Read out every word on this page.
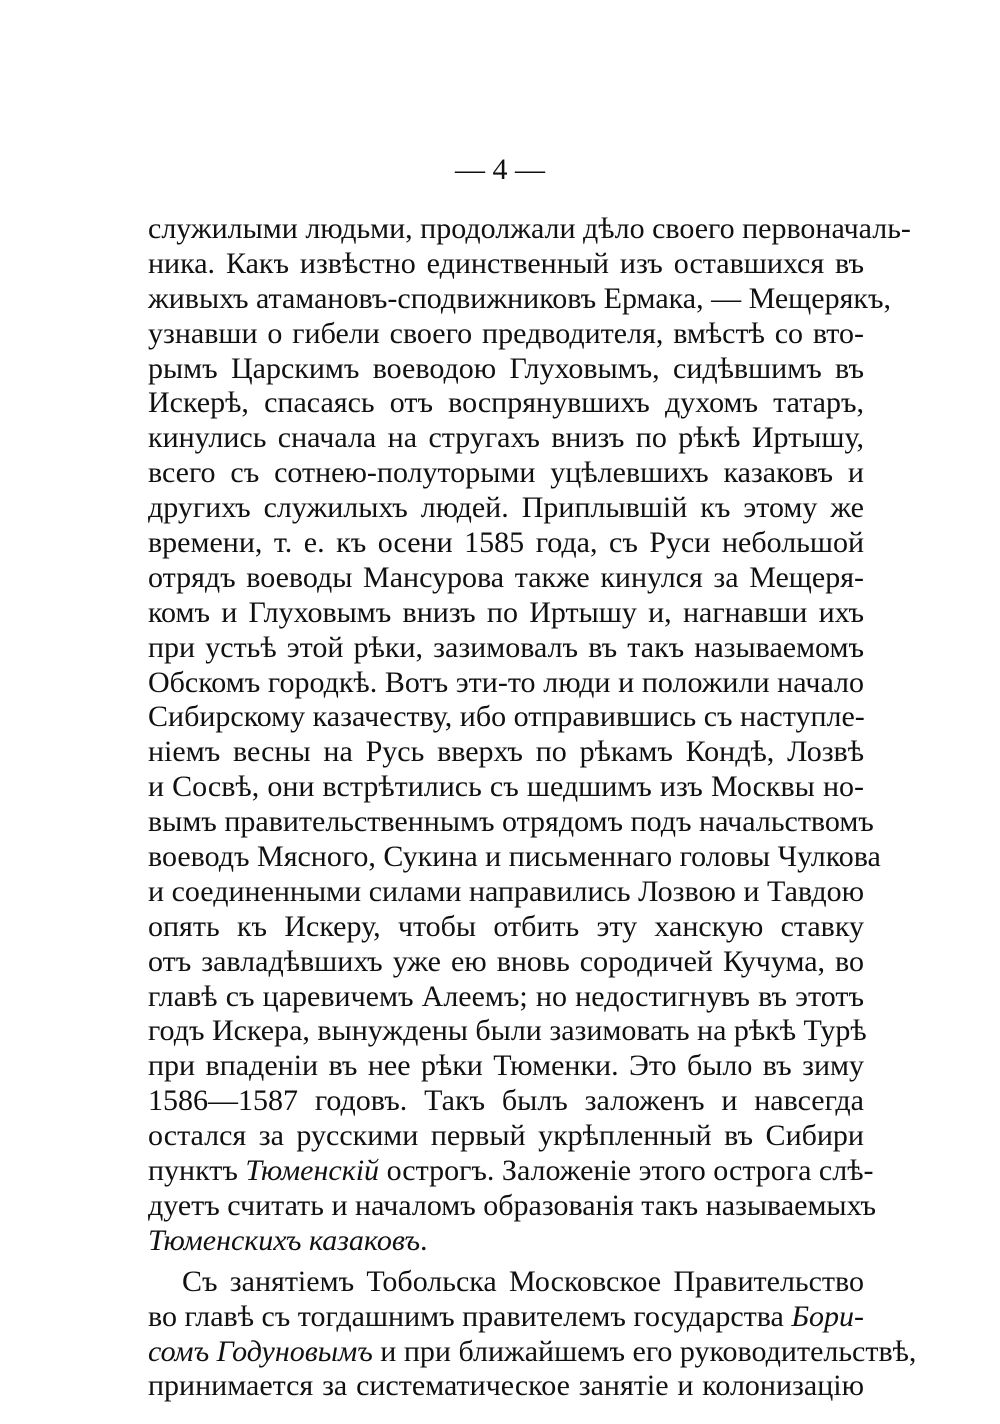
— 4 —
служилыми людьми, продолжали дѣло своего первоначаль-
ника. Какъ извѣстно единственный изъ оставшихся въ
живыхъ атамановъ-сподвижниковъ Ермака, — Мещерякъ,
узнавши о гибели своего предводителя, вмѣстѣ со вто-
рымъ Царскимъ воеводою Глуховымъ, сидѣвшимъ въ
Искерѣ, спасаясь отъ воспрянувшихъ духомъ татаръ,
кинулись сначала на стругахъ внизъ по рѣкѣ Иртышу,
всего съ сотнею-полуторыми уцѣлевшихъ казаковъ и
другихъ служилыхъ людей. Приплывшій къ этому же
времени, т. е. къ осени 1585 года, съ Руси небольшой
отрядъ воеводы Мансурова также кинулся за Мещеря-
комъ и Глуховымъ внизъ по Иртышу и, нагнавши ихъ
при устьѣ этой рѣки, зазимовалъ въ такъ называемомъ
Обскомъ городкѣ. Вотъ эти-то люди и положили начало
Сибирскому казачеству, ибо отправившись съ наступле-
ніемъ весны на Русь вверхъ по рѣкамъ Кондѣ, Лозвѣ
и Сосвѣ, они встрѣтились съ шедшимъ изъ Москвы но-
вымъ правительственнымъ отрядомъ подъ начальствомъ
воеводъ Мясного, Сукина и письменнаго головы Чулкова
и соединенными силами направились Лозвою и Тавдою
опять къ Искеру, чтобы отбить эту ханскую ставку
отъ завладѣвшихъ уже ею вновь сородичей Кучума, во
главѣ съ царевичемъ Алеемъ; но недостигнувъ въ этотъ
годъ Искера, вынуждены были зазимовать на рѣкѣ Турѣ
при впаденіи въ нее рѣки Тюменки. Это было въ зиму
1586—1587 годовъ. Такъ былъ заложенъ и навсегда
остался за русскими первый укрѣпленный въ Сибири
пунктъ Тюменскій острогъ. Заложеніе этого острога слѣ-
дуетъ считать и началомъ образованія такъ называемыхъ
Тюменскихъ казаковъ.
Съ занятіемъ Тобольска Московское Правительство
во главѣ съ тогдашнимъ правителемъ государства Бори-
сомъ Годуновымъ и при ближайшемъ его руководительствѣ,
принимается за систематическое занятіе и колонизацію
